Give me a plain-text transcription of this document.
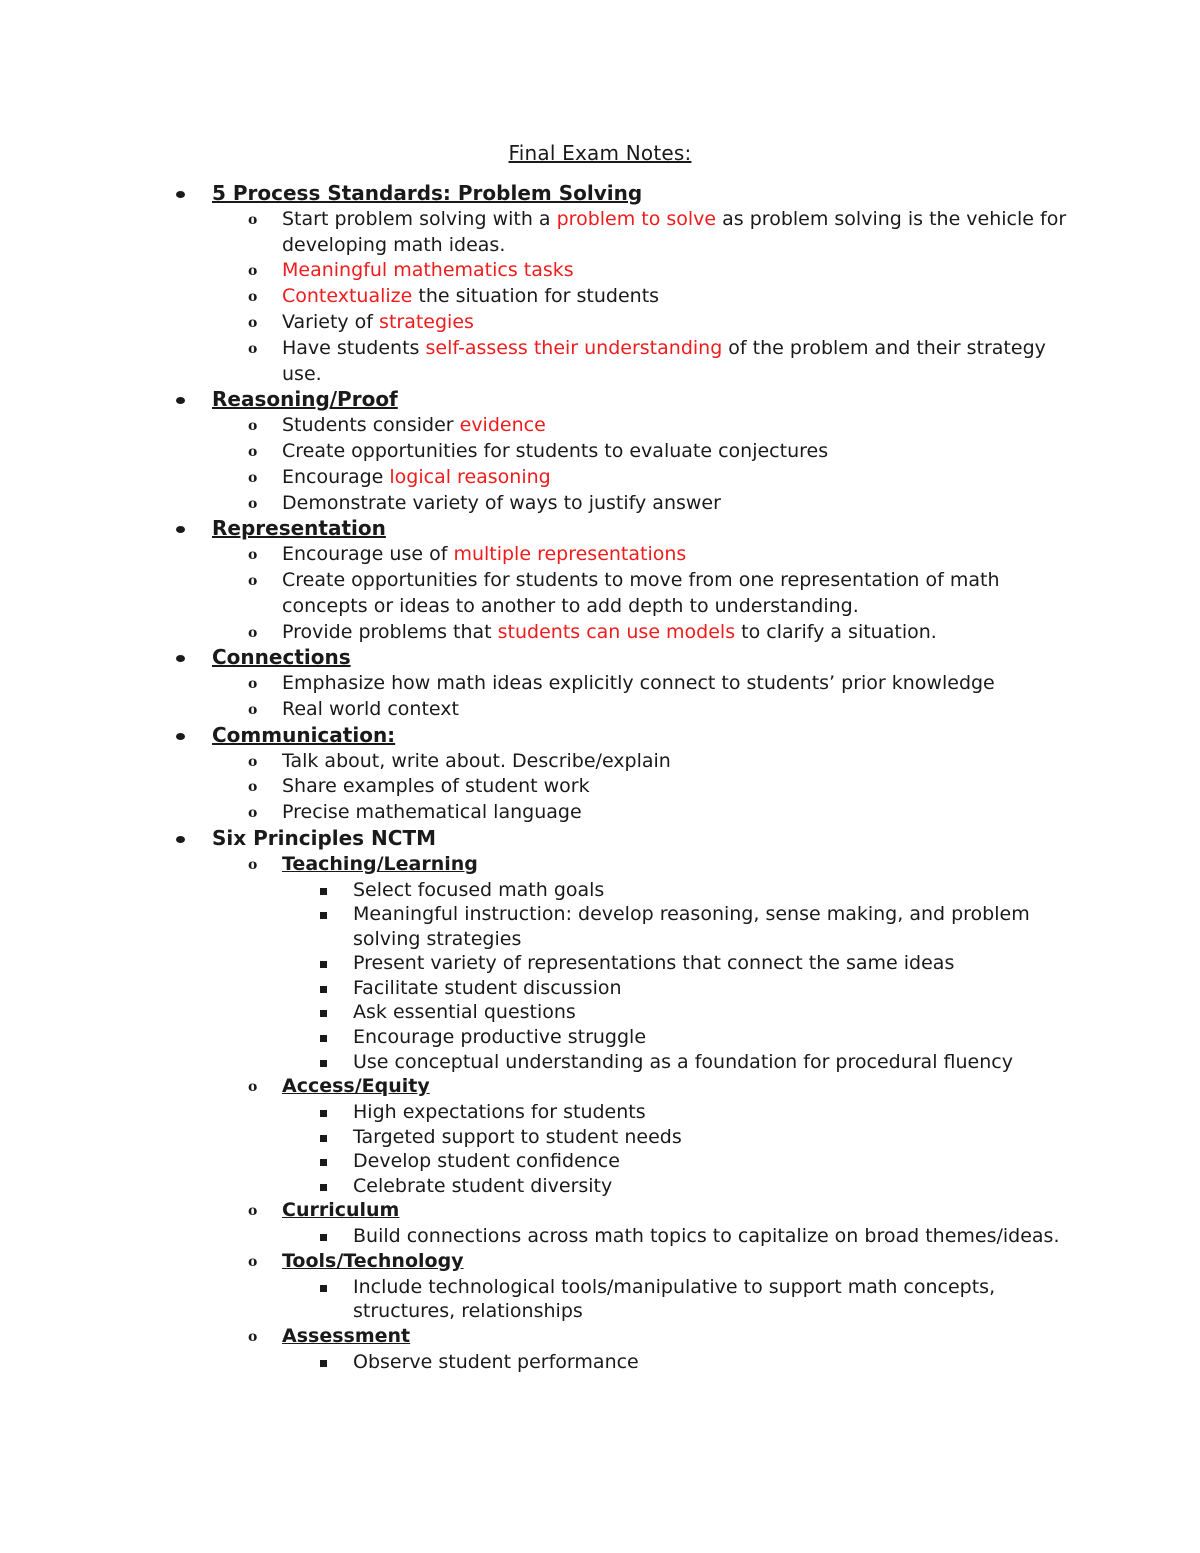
Final Exam Notes:
5 Process Standards: Problem Solving
o Start problem solving with a problem to solve as problem solving is the vehicle for developing math ideas.
o Meaningful mathematics tasks
o Contextualize the situation for students
o Variety of strategies
o Have students self-assess their understanding of the problem and their strategy use.
Reasoning/Proof
o Students consider evidence
o Create opportunities for students to evaluate conjectures
o Encourage logical reasoning
o Demonstrate variety of ways to justify answer
Representation
o Encourage use of multiple representations
o Create opportunities for students to move from one representation of math concepts or ideas to another to add depth to understanding.
o Provide problems that students can use models to clarify a situation.
Connections
o Emphasize how math ideas explicitly connect to students’ prior knowledge
o Real world context
Communication:
o Talk about, write about. Describe/explain
o Share examples of student work
o Precise mathematical language
Six Principles NCTM
o Teaching/Learning
Select focused math goals
Meaningful instruction: develop reasoning, sense making, and problem solving strategies
Present variety of representations that connect the same ideas
Facilitate student discussion
Ask essential questions
Encourage productive struggle
Use conceptual understanding as a foundation for procedural fluency
o Access/Equity
High expectations for students
Targeted support to student needs
Develop student confidence
Celebrate student diversity
o Curriculum
Build connections across math topics to capitalize on broad themes/ideas.
o Tools/Technology
Include technological tools/manipulative to support math concepts, structures, relationships
o Assessment
Observe student performance
